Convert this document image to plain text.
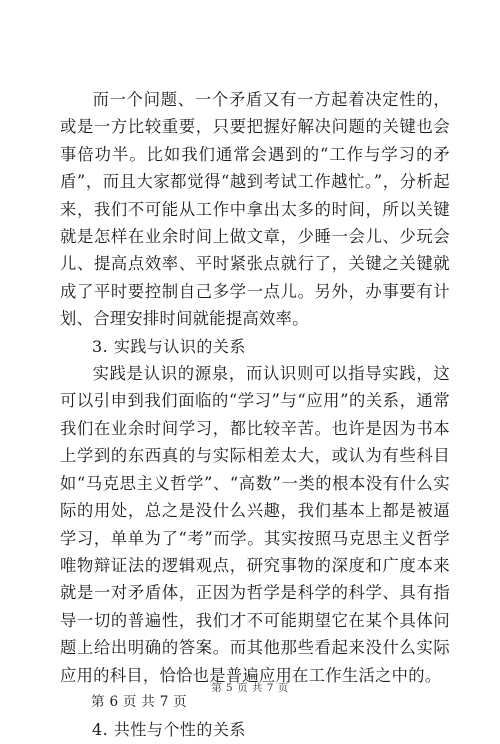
而一个问题、一个矛盾又有一方起着决定性的，或是一方比较重要，只要把握好解决问题的关键也会事倍功半。比如我们通常会遇到的“工作与学习的矛盾”，而且大家都觉得“越到考试工作越忙。”，分析起来，我们不可能从工作中拿出太多的时间，所以关键就是怎样在业余时间上做文章，少睡一会儿、少玩会儿、提高点效率、平时紧张点就行了，关键之关键就成了平时要控制自己多学一点儿。另外，办事要有计划、合理安排时间就能提高效率。

3. 实践与认识的关系

实践是认识的源泉，而认识则可以指导实践，这可以引申到我们面临的“学习”与“应用”的关系，通常我们在业余时间学习，都比较辛苦。也许是因为书本上学到的东西真的与实际相差太大，或认为有些科目如“马克思主义哲学”、“高数”一类的根本没有什么实际的用处，总之是没什么兴趣，我们基本上都是被逼学习，单单为了“考”而学。其实按照马克思主义哲学唯物辩证法的逻辑观点，研究事物的深度和广度本来就是一对矛盾体，正因为哲学是科学的科学、具有指导一切的普遍性，我们才不可能期望它在某个具体问题上给出明确的答案。而其他那些看起来没什么实际应用的科目，恰恰也是普遍应用在工作生活之中的。

第 6 页 共 7 页

4. 共性与个性的关系

第 5 页 共 7 页
